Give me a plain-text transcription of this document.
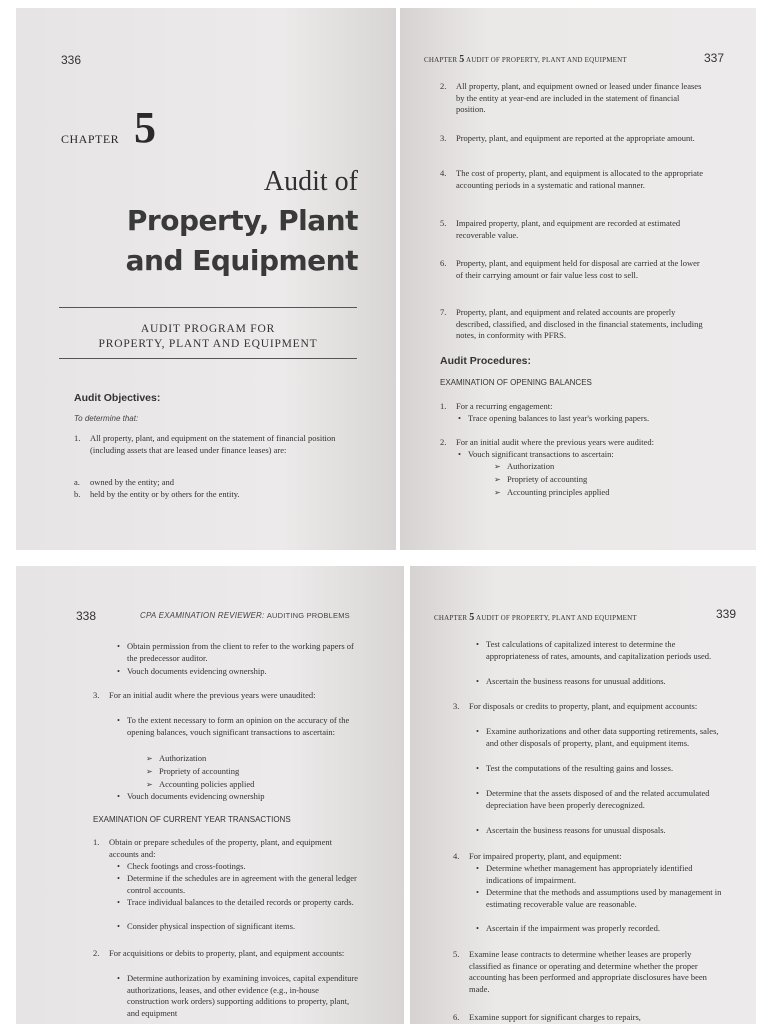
336
CHAPTER 5
Audit of
Property, Plant
and Equipment
AUDIT PROGRAM FOR
PROPERTY, PLANT AND EQUIPMENT
Audit Objectives:
To determine that:
1. All property, plant, and equipment on the statement of financial position (including assets that are leased under finance leases) are:
a. owned by the entity; and
b. held by the entity or by others for the entity.
CHAPTER 5 AUDIT OF PROPERTY, PLANT AND EQUIPMENT	337
2. All property, plant, and equipment owned or leased under finance leases by the entity at year-end are included in the statement of financial position.
3. Property, plant, and equipment are reported at the appropriate amount.
4. The cost of property, plant, and equipment is allocated to the appropriate accounting periods in a systematic and rational manner.
5. Impaired property, plant, and equipment are recorded at estimated recoverable value.
6. Property, plant, and equipment held for disposal are carried at the lower of their carrying amount or fair value less cost to sell.
7. Property, plant, and equipment and related accounts are properly described, classified, and disclosed in the financial statements, including notes, in conformity with PFRS.
Audit Procedures:
EXAMINATION OF OPENING BALANCES
1. For a recurring engagement:
• Trace opening balances to last year's working papers.
2. For an initial audit where the previous years were audited:
• Vouch significant transactions to ascertain:
➢ Authorization
➢ Propriety of accounting
➢ Accounting principles applied
338	CPA EXAMINATION REVIEWER: AUDITING PROBLEMS
• Obtain permission from the client to refer to the working papers of the predecessor auditor.
• Vouch documents evidencing ownership.
3. For an initial audit where the previous years were unaudited:
• To the extent necessary to form an opinion on the accuracy of the opening balances, vouch significant transactions to ascertain:
➢ Authorization
➢ Propriety of accounting
➢ Accounting policies applied
• Vouch documents evidencing ownership
EXAMINATION OF CURRENT YEAR TRANSACTIONS
1. Obtain or prepare schedules of the property, plant, and equipment accounts and:
• Check footings and cross-footings.
• Determine if the schedules are in agreement with the general ledger control accounts.
• Trace individual balances to the detailed records or property cards.
• Consider physical inspection of significant items.
2. For acquisitions or debits to property, plant, and equipment accounts:
• Determine authorization by examining invoices, capital expenditure authorizations, leases, and other evidence (e.g., in-house construction work orders) supporting additions to property, plant, and equipment
CHAPTER 5 AUDIT OF PROPERTY, PLANT AND EQUIPMENT	339
• Test calculations of capitalized interest to determine the appropriateness of rates, amounts, and capitalization periods used.
• Ascertain the business reasons for unusual additions.
3. For disposals or credits to property, plant, and equipment accounts:
• Examine authorizations and other data supporting retirements, sales, and other disposals of property, plant, and equipment items.
• Test the computations of the resulting gains and losses.
• Determine that the assets disposed of and the related accumulated depreciation have been properly derecognized.
• Ascertain the business reasons for unusual disposals.
4. For impaired property, plant, and equipment:
• Determine whether management has appropriately identified indications of impairment.
• Determine that the methods and assumptions used by management in estimating recoverable value are reasonable.
• Ascertain if the impairment was properly recorded.
5. Examine lease contracts to determine whether leases are properly classified as finance or operating and determine whether the proper accounting has been performed and appropriate disclosures have been made.
6. Examine support for significant charges to repairs,
